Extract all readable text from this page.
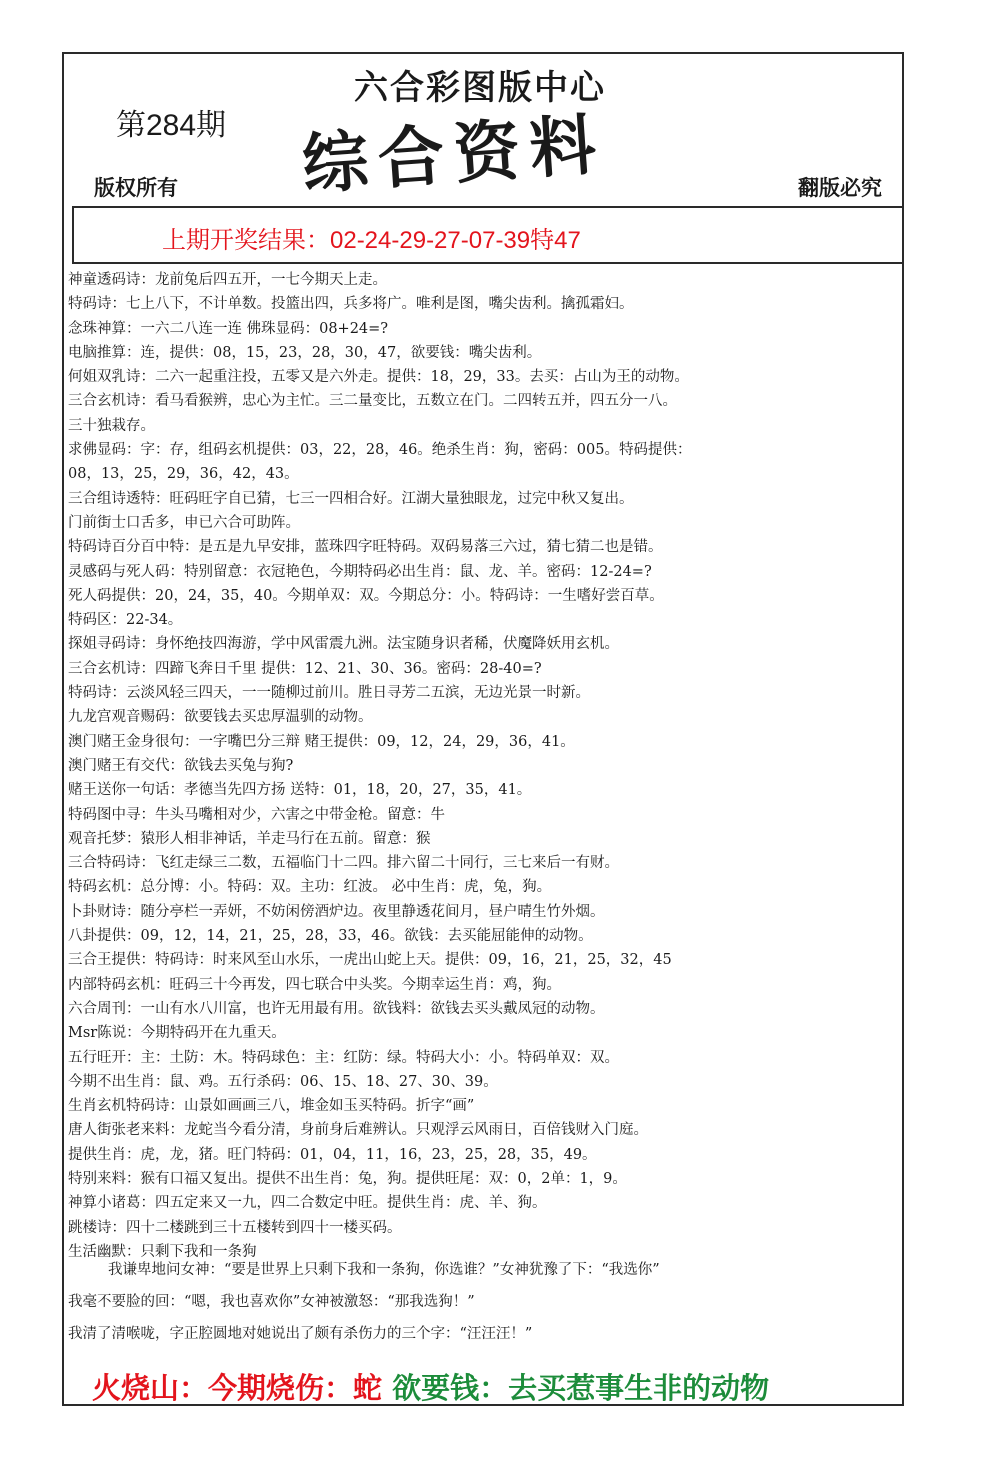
六合彩图版中心
第284期 综合资料
版权所有	翻版必究
上期开奖结果：02-24-29-27-07-39特47
神童透码诗：龙前兔后四五开，一七今期天上走。
特码诗：七上八下，不计单数。投篮出四，兵多将广。唯利是图，嘴尖齿利。擒孤霜妇。
念珠神算：一六二八连一连 佛珠显码：08+24=?
电脑推算：连，提供：08，15，23，28，30，47，欲要钱：嘴尖齿利。
何姐双乳诗：二六一起重注投，五零又是六外走。提供：18，29，33。去买：占山为王的动物。
三合玄机诗：看马看猴辨，忠心为主忙。三二量变比，五数立在门。二四转五并，四五分一八。
三十独栽存。
求佛显码：字：存，组码玄机提供：03，22，28，46。绝杀生肖：狗，密码：005。特码提供：
08，13，25，29，36，42，43。
三合组诗透特：旺码旺字自已猜，七三一四相合好。江湖大量独眼龙，过完中秋又复出。
门前街士口舌多，申已六合可助阵。
特码诗百分百中特：是五是九早安排，蓝珠四字旺特码。双码易落三六过，猜七猜二也是错。
灵感码与死人码：特别留意：衣冠艳色，今期特码必出生肖：鼠、龙、羊。密码：12-24=?
死人码提供：20，24，35，40。今期单双：双。今期总分：小。特码诗：一生嗜好尝百草。
特码区：22-34。
探姐寻码诗：身怀绝技四海游，学中风雷震九洲。法宝随身识者稀，伏魔降妖用玄机。
三合玄机诗：四蹄飞奔日千里 提供：12、21、30、36。密码：28-40=?
特码诗：云淡风轻三四天，一一随柳过前川。胜日寻芳二五滨，无边光景一时新。
九龙宫观音赐码：欲要钱去买忠厚温驯的动物。
澳门赌王金身很句：一字嘴巴分三辩 赌王提供：09，12，24，29，36，41。
澳门赌王有交代：欲钱去买兔与狗?
赌王送你一句话：孝德当先四方扬 送特：01，18，20，27，35，41。
特码图中寻：牛头马嘴相对少，六害之中带金枪。留意：牛
观音托梦：猿形人相非神话，羊走马行在五前。留意：猴
三合特码诗：飞红走绿三二数，五福临门十二四。排六留二十同行，三七来后一有财。
特码玄机：总分博：小。特码：双。主功：红波。 必中生肖：虎，兔，狗。
卜卦财诗：随分亭栏一弄妍，不妨闲傍酒炉边。夜里静透花间月，昼户晴生竹外烟。
八卦提供：09，12，14，21，25，28，33，46。欲钱：去买能屈能伸的动物。
三合王提供：特码诗：时来风至山水乐，一虎出山蛇上天。提供：09，16，21，25，32，45
内部特码玄机：旺码三十今再发，四七联合中头奖。今期幸运生肖：鸡，狗。
六合周刊：一山有水八川富，也许无用最有用。欲钱料：欲钱去买头戴凤冠的动物。
Msr陈说：今期特码开在九重天。
五行旺开：主：土防：木。特码球色：主：红防：绿。特码大小：小。特码单双：双。
今期不出生肖：鼠、鸡。五行杀码：06、15、18、27、30、39。
生肖玄机特码诗：山景如画画三八，堆金如玉买特码。折字“画”
唐人街张老来料：龙蛇当今看分清，身前身后难辨认。只观浮云风雨日，百倍钱财入门庭。
提供生肖：虎，龙，猪。旺门特码：01，04，11，16，23，25，28，35，49。
特别来料：猴有口福又复出。提供不出生肖：兔，狗。提供旺尾：双：0，2单：1，9。
神算小诸葛：四五定来又一九，四二合数定中旺。提供生肖：虎、羊、狗。
跳楼诗：四十二楼跳到三十五楼转到四十一楼买码。
生活幽默：只剩下我和一条狗
我谦卑地问女神：“要是世界上只剩下我和一条狗，你选谁？”女神犹豫了下：“我选你”
我毫不要脸的回：“嗯，我也喜欢你”女神被激怒：“那我选狗！”
我清了清喉咙，字正腔圆地对她说出了颇有杀伤力的三个字：“汪汪汪！”
火烧山：今期烧伤：蛇 欲要钱：去买惹事生非的动物
